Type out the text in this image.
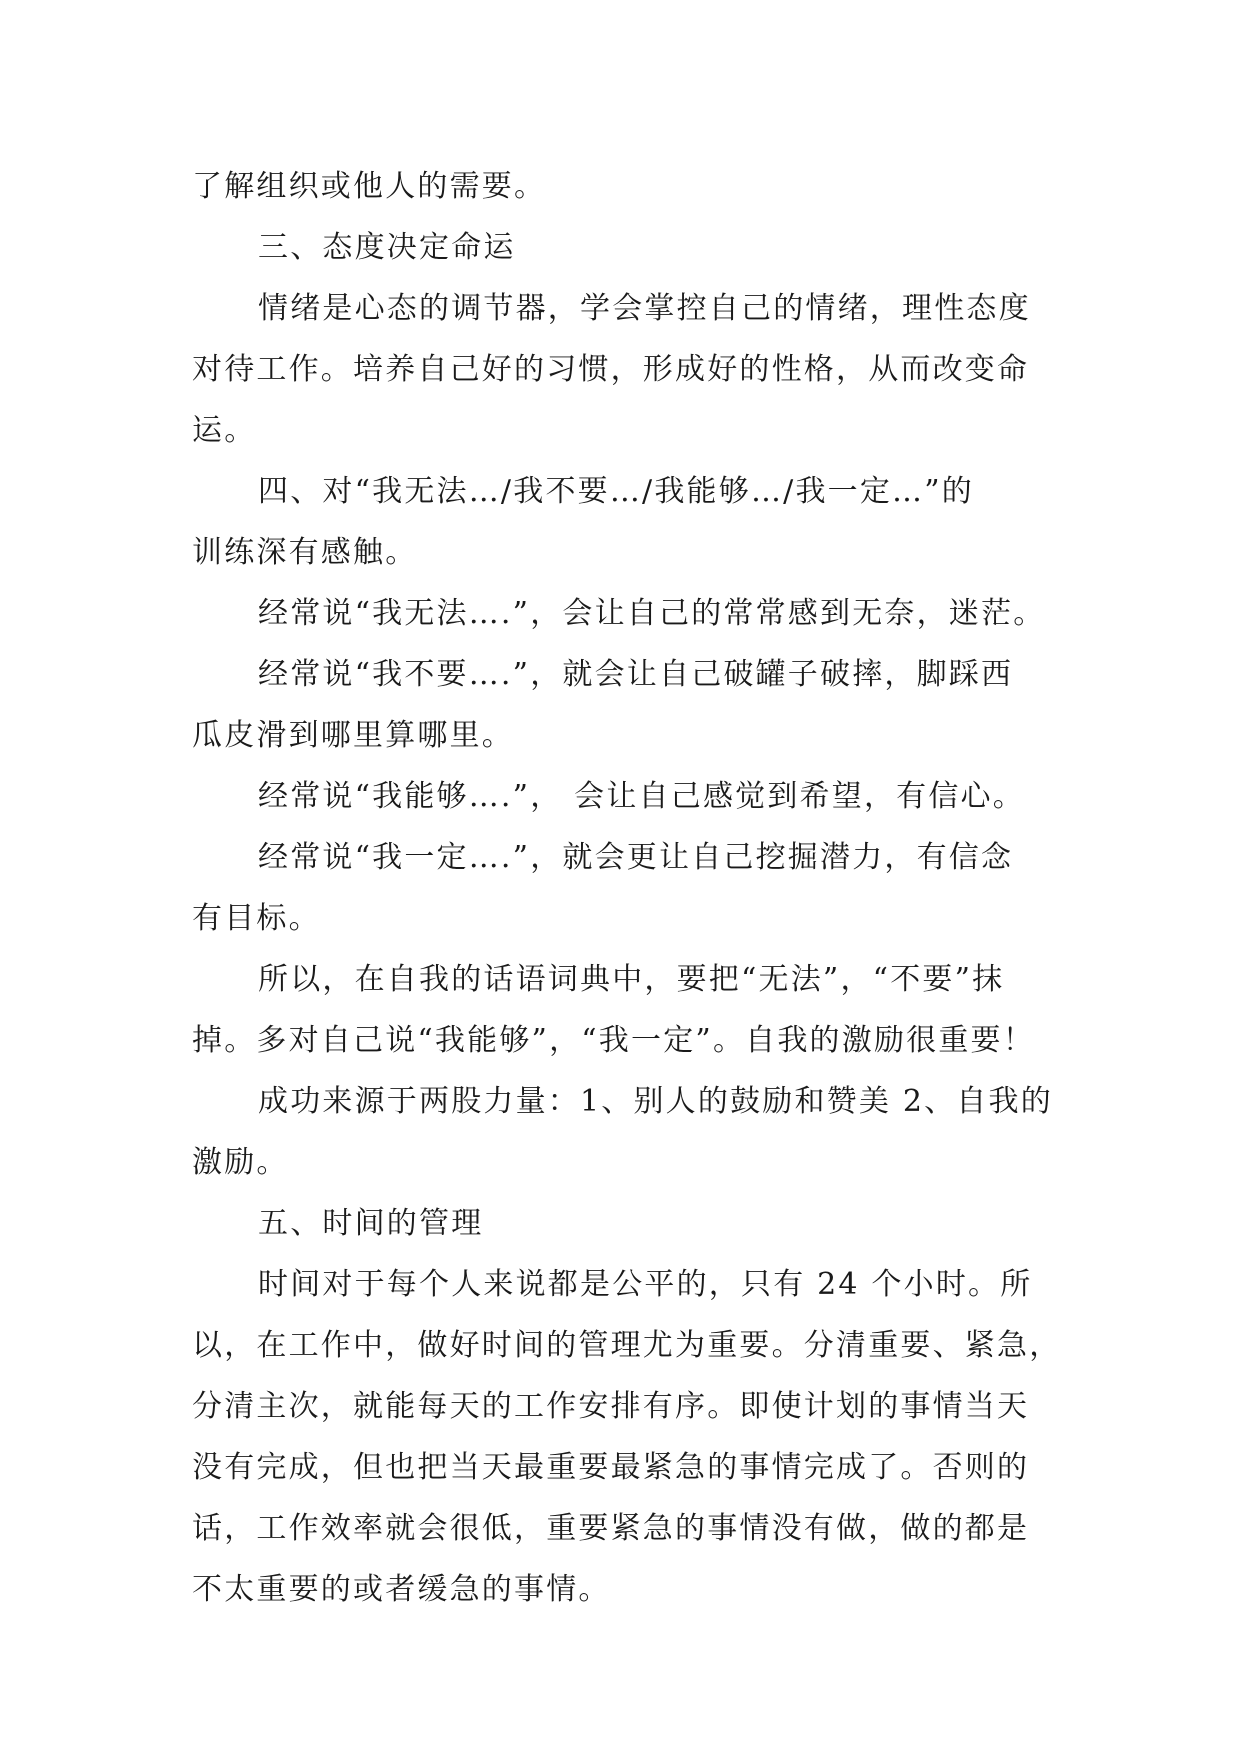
了解组织或他人的需要。
三、态度决定命运
情绪是心态的调节器，学会掌控自己的情绪，理性态度
对待工作。培养自己好的习惯，形成好的性格，从而改变命
运。
四、对“我无法…/我不要…/我能够…/我一定…”的
训练深有感触。
经常说“我无法….”，会让自己的常常感到无奈，迷茫。
经常说“我不要….”，就会让自己破罐子破摔，脚踩西
瓜皮滑到哪里算哪里。
经常说“我能够….”， 会让自己感觉到希望，有信心。
经常说“我一定….”，就会更让自己挖掘潜力，有信念
有目标。
所以，在自我的话语词典中，要把“无法”，“不要”抹
掉。多对自己说“我能够”，“我一定”。自我的激励很重要！
成功来源于两股力量：1、别人的鼓励和赞美 2、自我的
激励。
五、时间的管理
时间对于每个人来说都是公平的，只有 24 个小时。所
以，在工作中，做好时间的管理尤为重要。分清重要、紧急，
分清主次，就能每天的工作安排有序。即使计划的事情当天
没有完成，但也把当天最重要最紧急的事情完成了。否则的
话，工作效率就会很低，重要紧急的事情没有做，做的都是
不太重要的或者缓急的事情。
